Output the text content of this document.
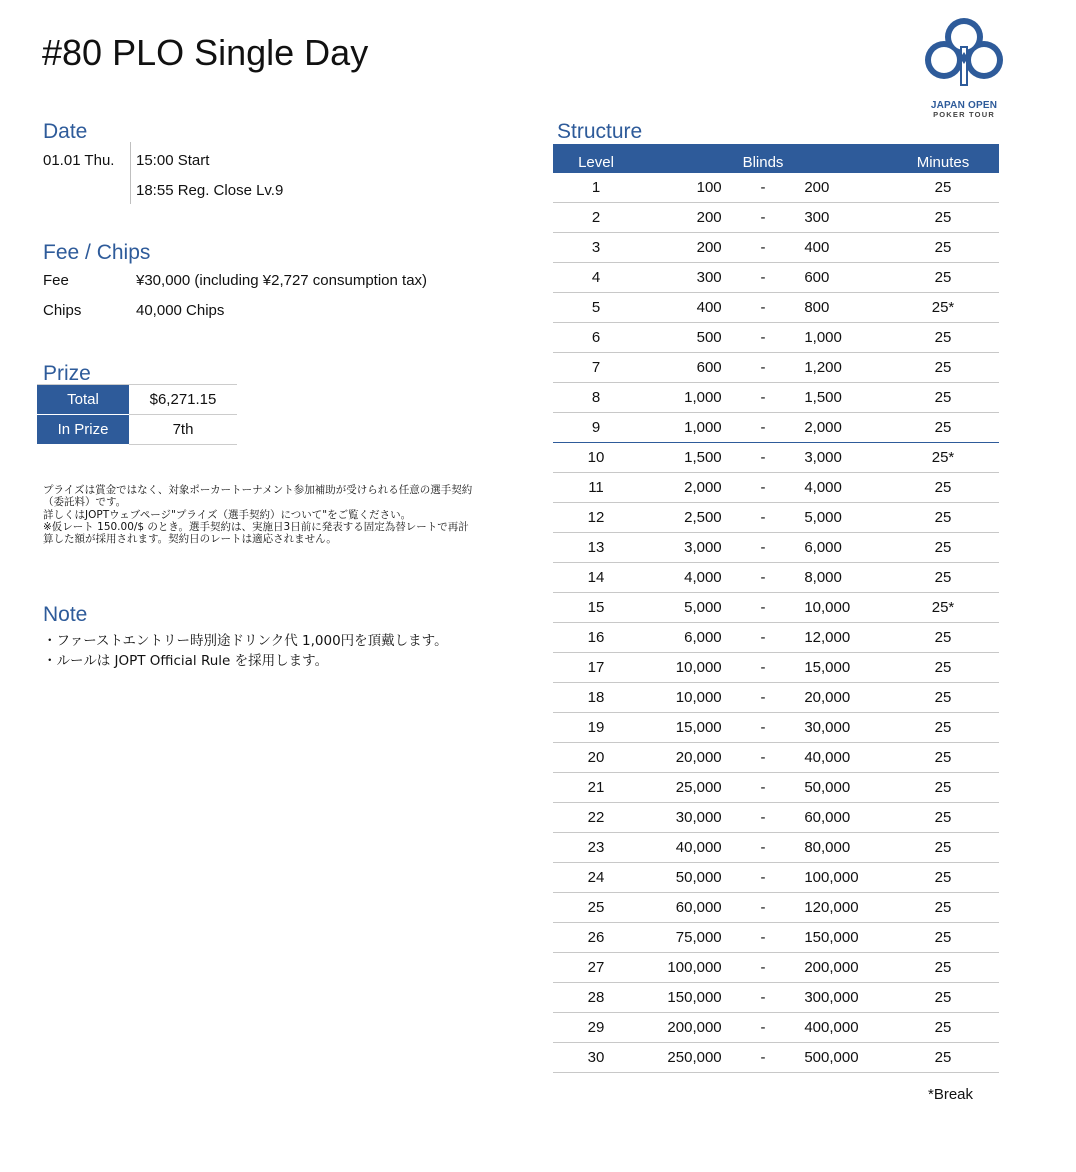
#80 PLO Single Day
JAPAN OPEN
POKER TOUR
Date
01.01 Thu. 15:00 Start
18:55 Reg. Close Lv.9
Fee / Chips
Fee	¥30,000 (including ¥2,727 consumption tax)
Chips	40,000 Chips
Prize
Total	$6,271.15
In Prize	7th
プライズは賞金ではなく、対象ポーカートーナメント参加補助が受けられる任意の選手契約
（委託料）です。
詳しくはJOPTウェブページ"プライズ（選手契約）について"をご覧ください。
※仮レート 150.00/$ のとき。選手契約は、実施日3日前に発表する固定為替レートで再計
算した額が採用されます。契約日のレートは適応されません。
Note
・ファーストエントリー時別途ドリンク代 1,000円を頂戴します。
・ルールは JOPT Official Rule を採用します。
Structure
Level	Blinds			Minutes

1	100	-	200	25
2	200	-	300	25
3	200	-	400	25
4	300	-	600	25
5	400	-	800	25*
6	500	-	1,000	25
7	600	-	1,200	25
8	1,000	-	1,500	25
9	1,000	-	2,000	25
10	1,500	-	3,000	25*
11	2,000	-	4,000	25
12	2,500	-	5,000	25
13	3,000	-	6,000	25
14	4,000	-	8,000	25
15	5,000	-	10,000	25*
16	6,000	-	12,000	25
17	10,000	-	15,000	25
18	10,000	-	20,000	25
19	15,000	-	30,000	25
20	20,000	-	40,000	25
21	25,000	-	50,000	25
22	30,000	-	60,000	25
23	40,000	-	80,000	25
24	50,000	-	100,000	25
25	60,000	-	120,000	25
26	75,000	-	150,000	25
27	100,000	-	200,000	25
28	150,000	-	300,000	25
29	200,000	-	400,000	25
30	250,000	-	500,000	25
*Break
